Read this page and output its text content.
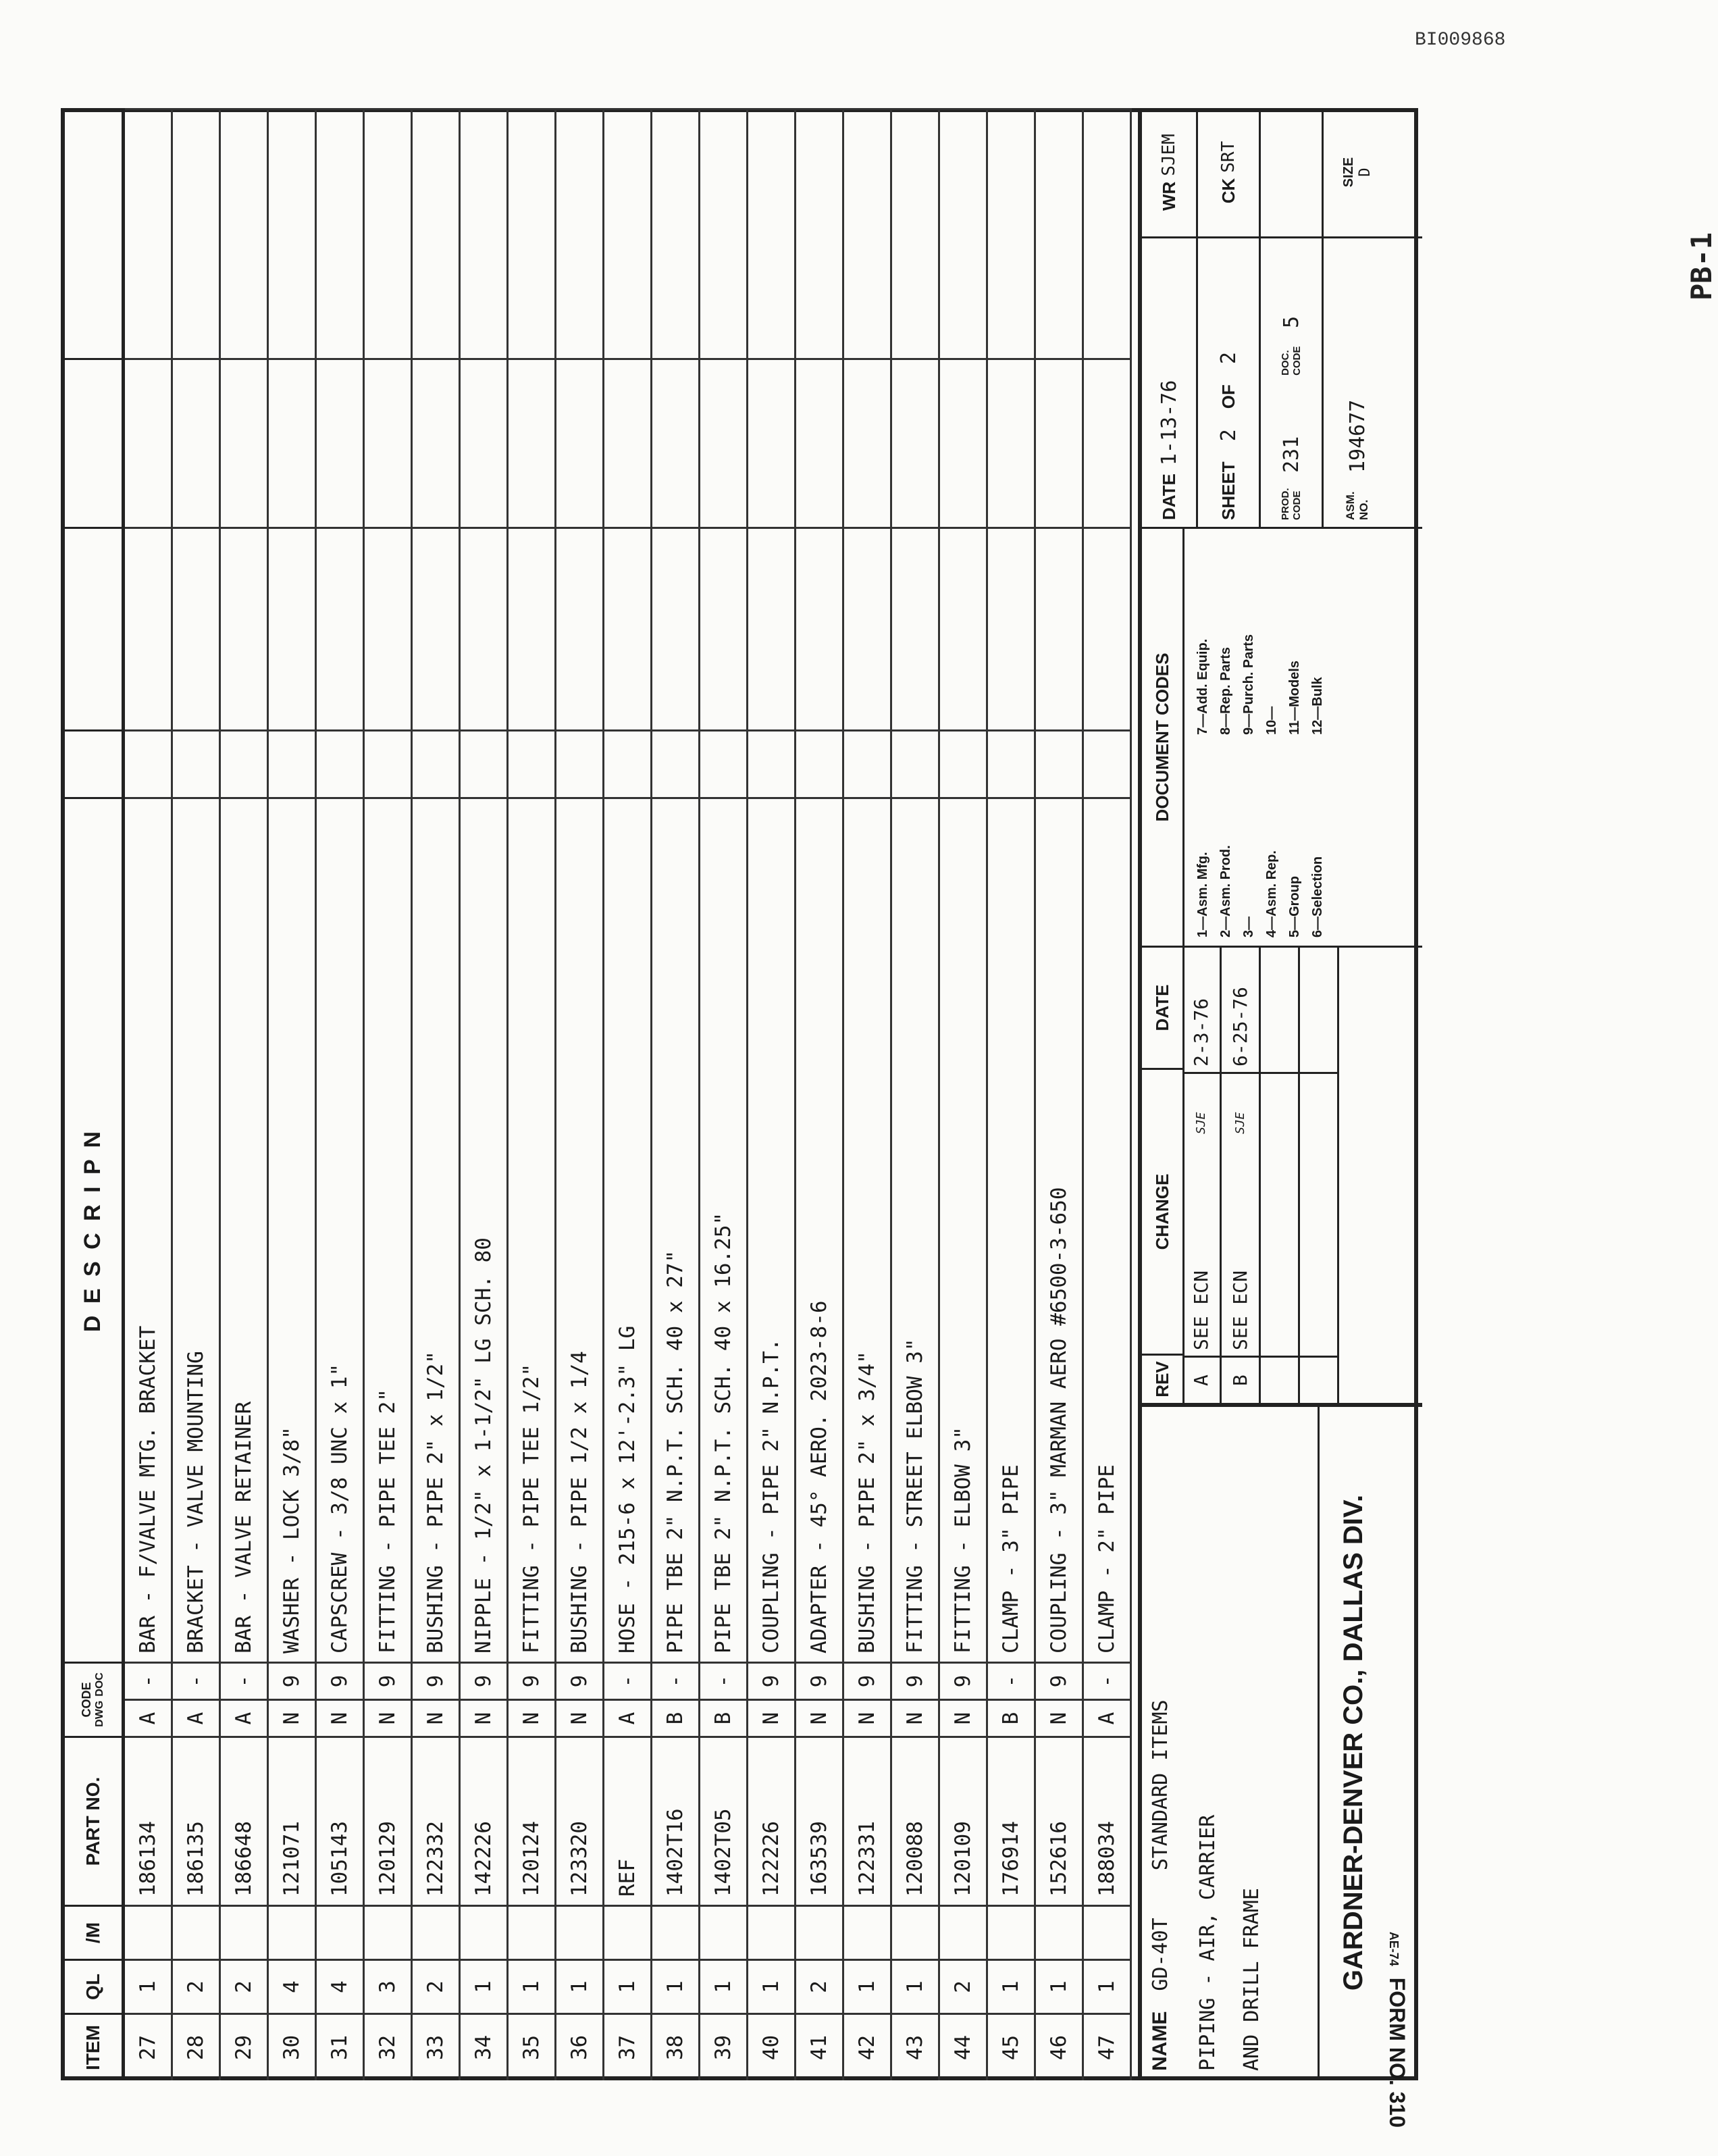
BI009868
PB-1
ITEM
QL
/M
PART NO.
CODE DWG
DOC
D E S C R I P N
27
1
186134
A
-
BAR - F/VALVE MTG. BRACKET
28
2
186135
A
-
BRACKET - VALVE MOUNTING
29
2
186648
A
-
BAR - VALVE RETAINER
30
4
121071
N
9
WASHER - LOCK 3/8"
31
4
105143
N
9
CAPSCREW - 3/8 UNC x 1"
32
3
120129
N
9
FITTING - PIPE TEE 2"
33
2
122332
N
9
BUSHING - PIPE 2" x 1/2"
34
1
142226
N
9
NIPPLE - 1/2" x 1-1/2" LG SCH. 80
35
1
120124
N
9
FITTING - PIPE TEE 1/2"
36
1
123320
N
9
BUSHING - PIPE 1/2 x 1/4
37
1
REF
A
-
HOSE - 215-6 x 12'-2.3" LG
38
1
1402T16
B
-
PIPE TBE 2" N.P.T. SCH. 40 x 27"
39
1
1402T05
B
-
PIPE TBE 2" N.P.T. SCH. 40 x 16.25"
40
1
122226
N
9
COUPLING - PIPE 2" N.P.T.
41
2
163539
N
9
ADAPTER - 45° AERO. 2023-8-6
42
1
122331
N
9
BUSHING - PIPE 2" x 3/4"
43
1
120088
N
9
FITTING - STREET ELBOW 3"
44
2
120109
N
9
FITTING - ELBOW 3"
45
1
176914
B
-
CLAMP - 3" PIPE
46
1
152616
N
9
COUPLING - 3" MARMAN AERO #6500-3-650
47
1
188034
A
-
CLAMP - 2" PIPE
NAME
GD-40T
STANDARD ITEMS
PIPING - AIR, CARRIER AND DRILL FRAME	GARDNER-DENVER CO., DALLAS DIV.
REV
CHANGE
DATE
A
SEE ECN
SJE
2-3-76
B
SEE ECN
SJE
6-25-76
DOCUMENT CODES
1—Asm. Mfg. 2—Asm. Prod. 3— 4—Asm. Rep. 5—Group 6—Selection
7—Add. Equip. 8—Rep. Parts 9—Purch. Parts 10— 11—Models 12—Bulk
DATE
1-13-76
SHEET
2
OF
2
PROD. CODE
231
DOC. CODE
5
ASM. NO.
194677
WR
SJEM
CK
SRT	SIZE D
AE-74 FORM NO. 310
